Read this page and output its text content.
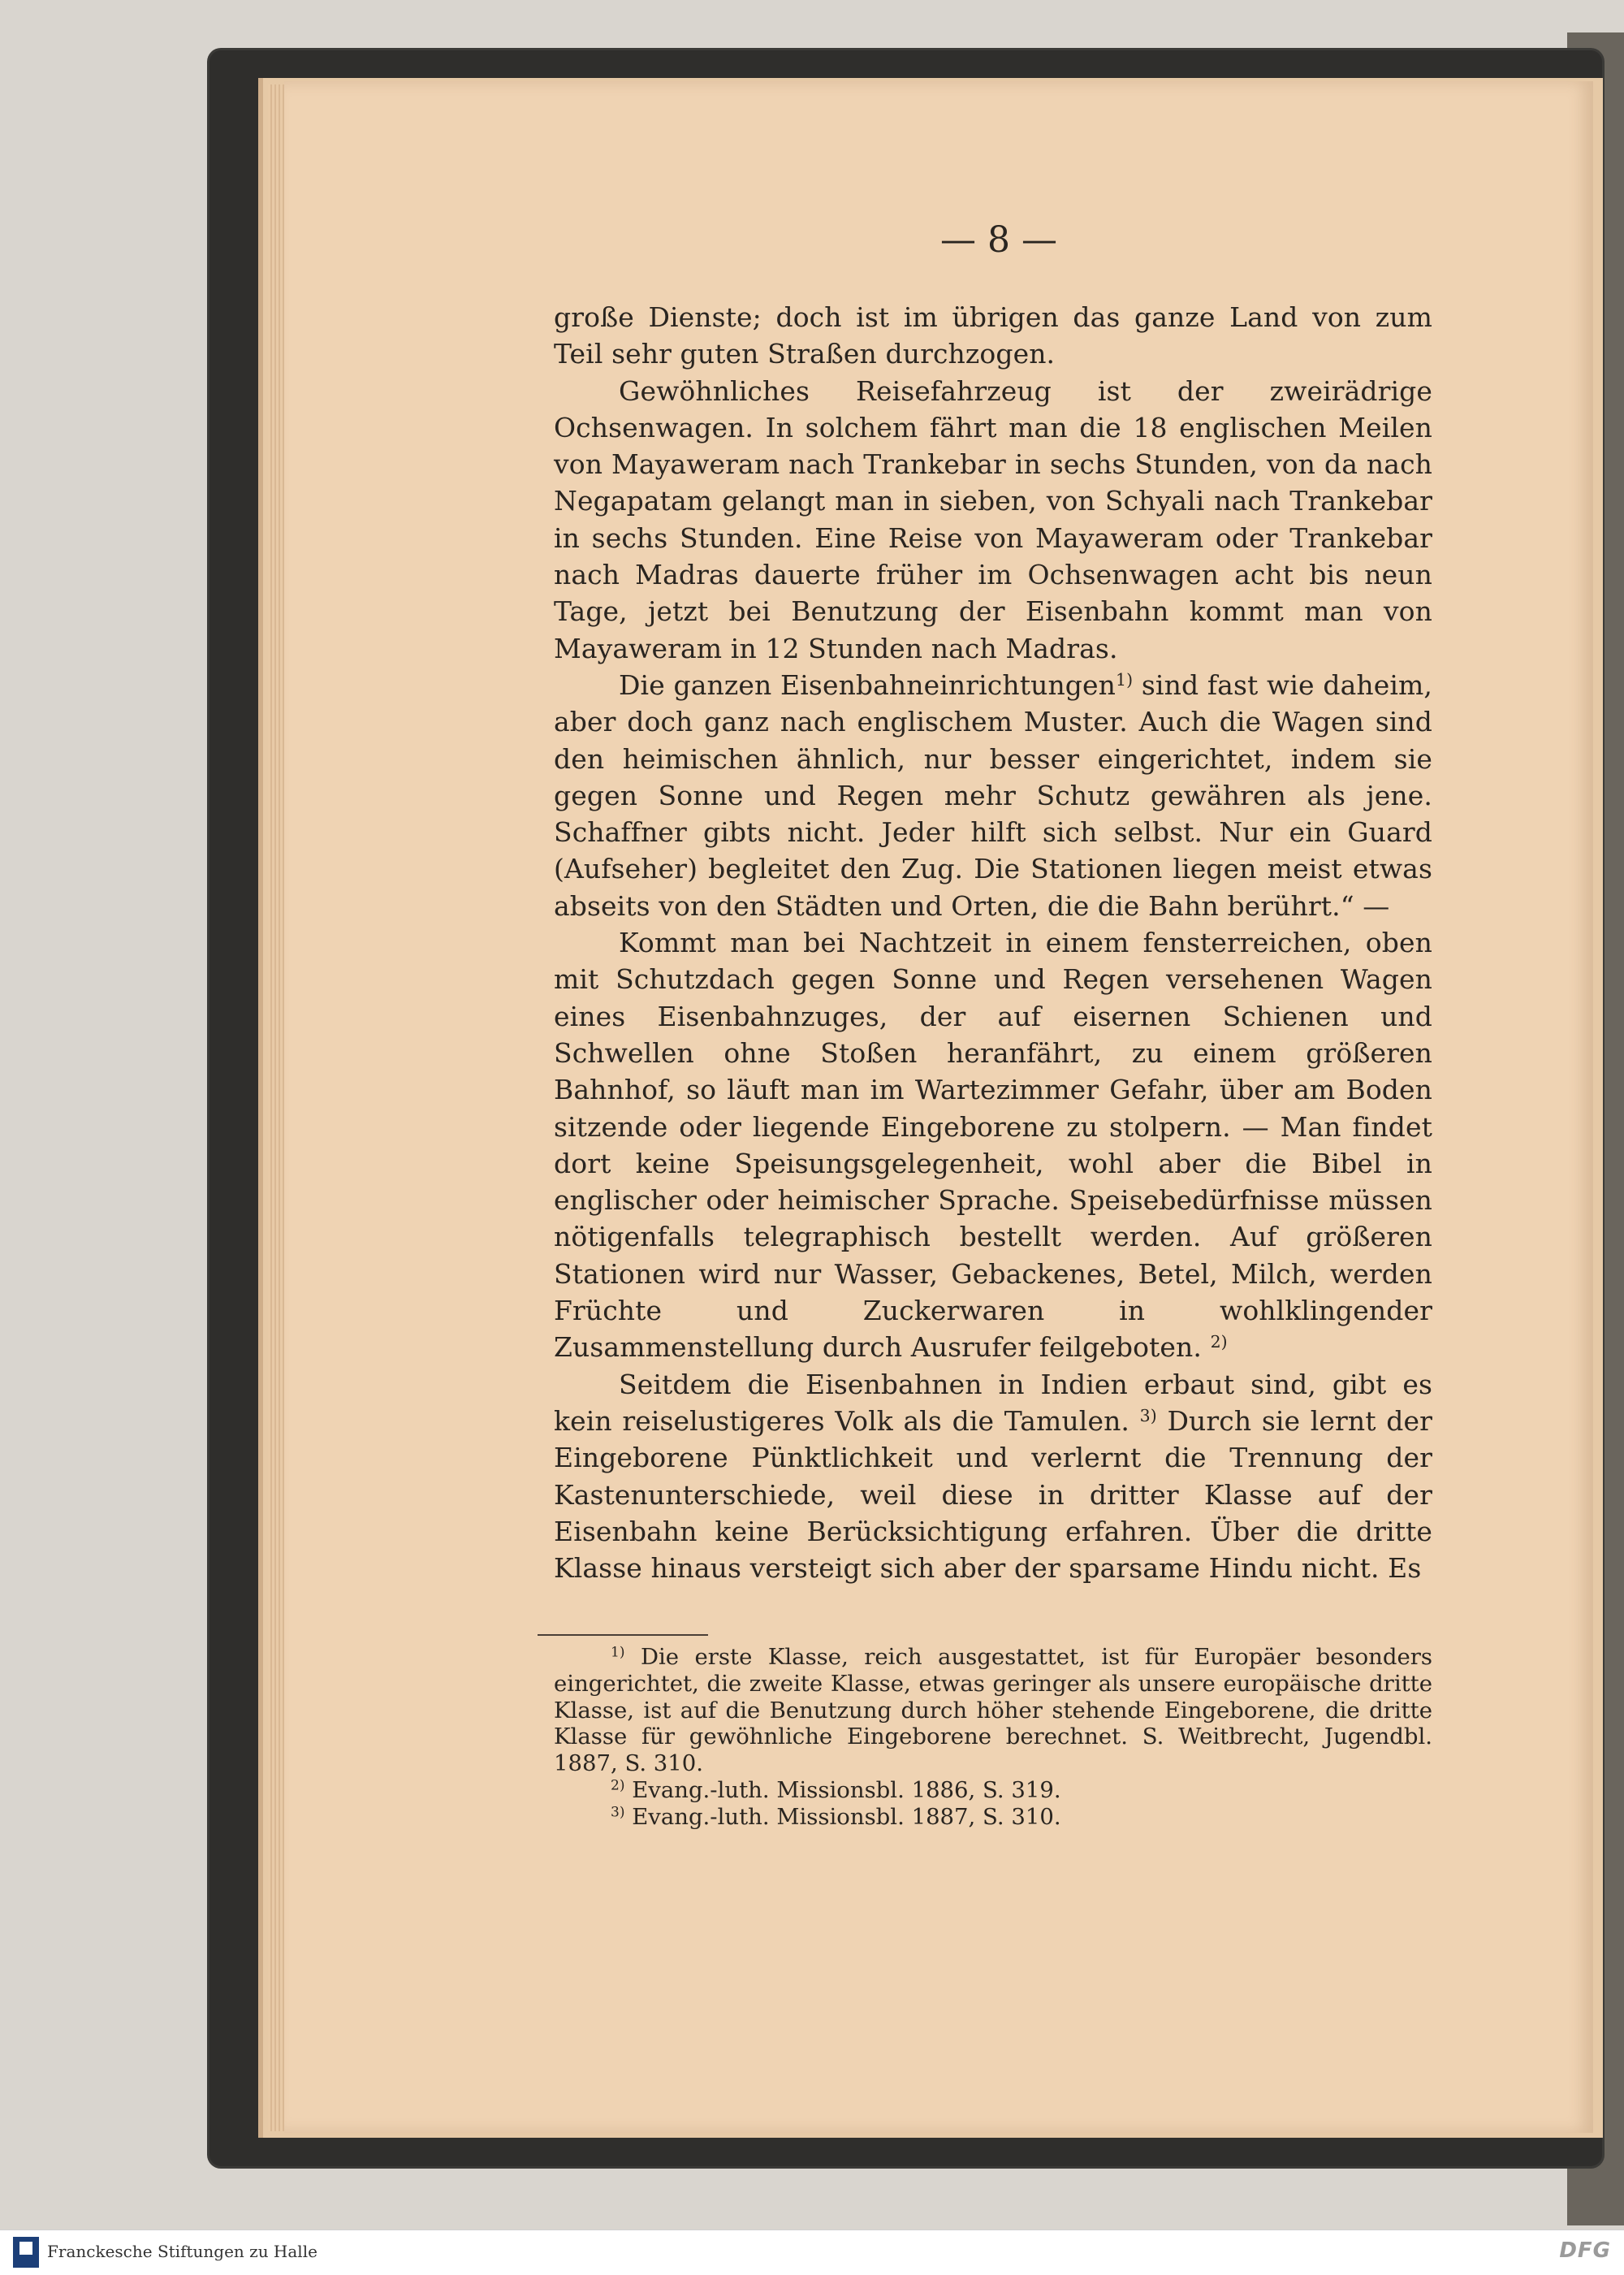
— 8 —

große Dienste; doch ist im übrigen das ganze Land von zum Teil sehr guten Straßen durchzogen.

Gewöhnliches Reisefahrzeug ist der zweirädrige Ochsenwagen. In solchem fährt man die 18 englischen Meilen von Mayaweram nach Trankebar in sechs Stunden, von da nach Negapatam gelangt man in sieben, von Schyali nach Trankebar in sechs Stunden. Eine Reise von Mayaweram oder Trankebar nach Madras dauerte früher im Ochsenwagen acht bis neun Tage, jetzt bei Benutzung der Eisenbahn kommt man von Mayaweram in 12 Stunden nach Madras.

Die ganzen Eisenbahneinrichtungen$^{1)}$ sind fast wie daheim, aber doch ganz nach englischem Muster. Auch die Wagen sind den heimischen ähnlich, nur besser eingerichtet, indem sie gegen Sonne und Regen mehr Schutz gewähren als jene. Schaffner gibts nicht. Jeder hilft sich selbst. Nur ein Guard (Aufseher) begleitet den Zug. Die Stationen liegen meist etwas abseits von den Städten und Orten, die die Bahn berührt.“ —

Kommt man bei Nachtzeit in einem fensterreichen, oben mit Schutzdach gegen Sonne und Regen versehenen Wagen eines Eisenbahnzuges, der auf eisernen Schienen und Schwellen ohne Stoßen heranfährt, zu einem größeren Bahnhof, so läuft man im Wartezimmer Gefahr, über am Boden sitzende oder liegende Eingeborene zu stolpern. — Man findet dort keine Speisungsgelegenheit, wohl aber die Bibel in englischer oder heimischer Sprache. Speisebedürfnisse müssen nötigenfalls telegraphisch bestellt werden. Auf größeren Stationen wird nur Wasser, Gebackenes, Betel, Milch, werden Früchte und Zuckerwaren in wohlklingender Zusammenstellung durch Ausrufer feilgeboten. $^{2)}$

Seitdem die Eisenbahnen in Indien erbaut sind, gibt es kein reiselustigeres Volk als die Tamulen. $^{3)}$ Durch sie lernt der Eingeborene Pünktlichkeit und verlernt die Trennung der Kastenunterschiede, weil diese in dritter Klasse auf der Eisenbahn keine Berücksichtigung erfahren. Über die dritte Klasse hinaus versteigt sich aber der sparsame Hindu nicht. Es

$^{1)}$ Die erste Klasse, reich ausgestattet, ist für Europäer besonders eingerichtet, die zweite Klasse, etwas geringer als unsere europäische dritte Klasse, ist auf die Benutzung durch höher stehende Eingeborene, die dritte Klasse für gewöhnliche Eingeborene berechnet. S. Weitbrecht, Jugendbl. 1887, S. 310.

$^{2)}$ Evang.-luth. Missionsbl. 1886, S. 319.

$^{3)}$ Evang.-luth. Missionsbl. 1887, S. 310.

Franckesche Stiftungen zu Halle	DFG
